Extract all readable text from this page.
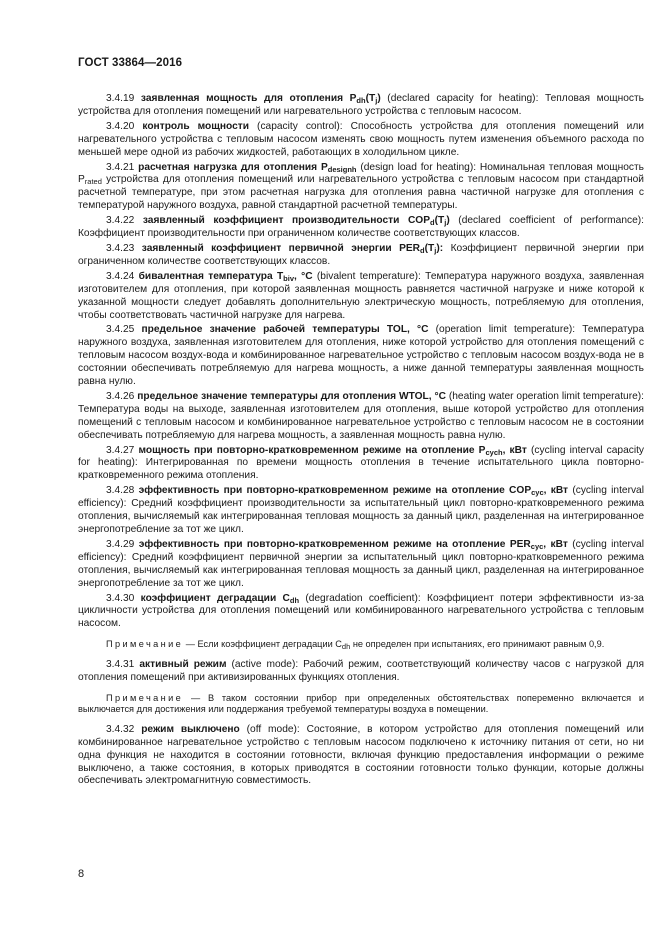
ГОСТ 33864—2016

3.4.19 заявленная мощность для отопления $P_{dh}(T_j)$ (declared capacity for heating): Тепловая мощность устройства для отопления помещений или нагревательного устройства с тепловым насосом.

3.4.20 контроль мощности (capacity control): Способность устройства для отопления помещений или нагревательного устройства с тепловым насосом изменять свою мощность путем изменения объемного расхода по меньшей мере одной из рабочих жидкостей, работающих в холодильном цикле.

3.4.21 расчетная нагрузка для отопления $P_{designh}$ (design load for heating): Номинальная тепловая мощность $P_{rated}$ устройства для отопления помещений или нагревательного устройства с тепловым насосом при стандартной расчетной температуре, при этом расчетная нагрузка для отопления равна частичной нагрузке для отопления с температурой наружного воздуха, равной стандартной расчетной температуры.

3.4.22 заявленный коэффициент производительности $COP_d(T_j)$ (declared coefficient of performance): Коэффициент производительности при ограниченном количестве соответствующих классов.

3.4.23 заявленный коэффициент первичной энергии $PER_d(T_j)$: Коэффициент первичной энергии при ограниченном количестве соответствующих классов.

3.4.24 бивалентная температура $T_{biv}$, °C (bivalent temperature): Температура наружного воздуха, заявленная изготовителем для отопления, при которой заявленная мощность равняется частичной нагрузке и ниже которой к указанной мощности следует добавлять дополнительную электрическую мощность, потребляемую для отопления, чтобы соответствовать частичной нагрузке для нагрева.

3.4.25 предельное значение рабочей температуры TOL, °C (operation limit temperature): Температура наружного воздуха, заявленная изготовителем для отопления, ниже которой устройство для отопления помещений с тепловым насосом воздух-вода и комбинированное нагревательное устройство с тепловым насосом воздух-вода не в состоянии обеспечивать потребляемую для нагрева мощность, а ниже данной температуры заявленная мощность равна нулю.

3.4.26 предельное значение температуры для отопления WTOL, °C (heating water operation limit temperature): Температура воды на выходе, заявленная изготовителем для отопления, выше которой устройство для отопления помещений с тепловым насосом и комбинированное нагревательное устройство с тепловым насосом не в состоянии обеспечивать потребляемую для нагрева мощность, а заявленная мощность равна нулю.

3.4.27 мощность при повторно-кратковременном режиме на отопление $P_{cych}$, кВт (cycling interval capacity for heating): Интегрированная по времени мощность отопления в течение испытательного цикла повторно-кратковременного режима отопления.

3.4.28 эффективность при повторно-кратковременном режиме на отопление $COP_{cyc}$, кВт (cycling interval efficiency): Средний коэффициент производительности за испытательный цикл повторно-кратковременного режима отопления, вычисляемый как интегрированная тепловая мощность за данный цикл, разделенная на интегрированное энергопотребление за тот же цикл.

3.4.29 эффективность при повторно-кратковременном режиме на отопление $PER_{cyc}$, кВт (cycling interval efficiency): Средний коэффициент первичной энергии за испытательный цикл повторно-кратковременного режима отопления, вычисляемый как интегрированная тепловая мощность за данный цикл, разделенная на интегрированное энергопотребление за тот же цикл.

3.4.30 коэффициент деградации $C_{dh}$ (degradation coefficient): Коэффициент потери эффективности из-за цикличности устройства для отопления помещений или комбинированного нагревательного устройства с тепловым насосом.

Примечание — Если коэффициент деградации $C_{dh}$ не определен при испытаниях, его принимают равным 0,9.

3.4.31 активный режим (active mode): Рабочий режим, соответствующий количеству часов с нагрузкой для отопления помещений при активизированных функциях отопления.

Примечание — В таком состоянии прибор при определенных обстоятельствах попеременно включается и выключается для достижения или поддержания требуемой температуры воздуха в помещении.

3.4.32 режим выключено (off mode): Состояние, в котором устройство для отопления помещений или комбинированное нагревательное устройство с тепловым насосом подключено к источнику питания от сети, но ни одна функция не находится в состоянии готовности, включая функцию предоставления информации о режиме выключено, а также состояния, в которых приводятся в состоянии готовности только функции, которые должны обеспечивать электромагнитную совместимость.

8
